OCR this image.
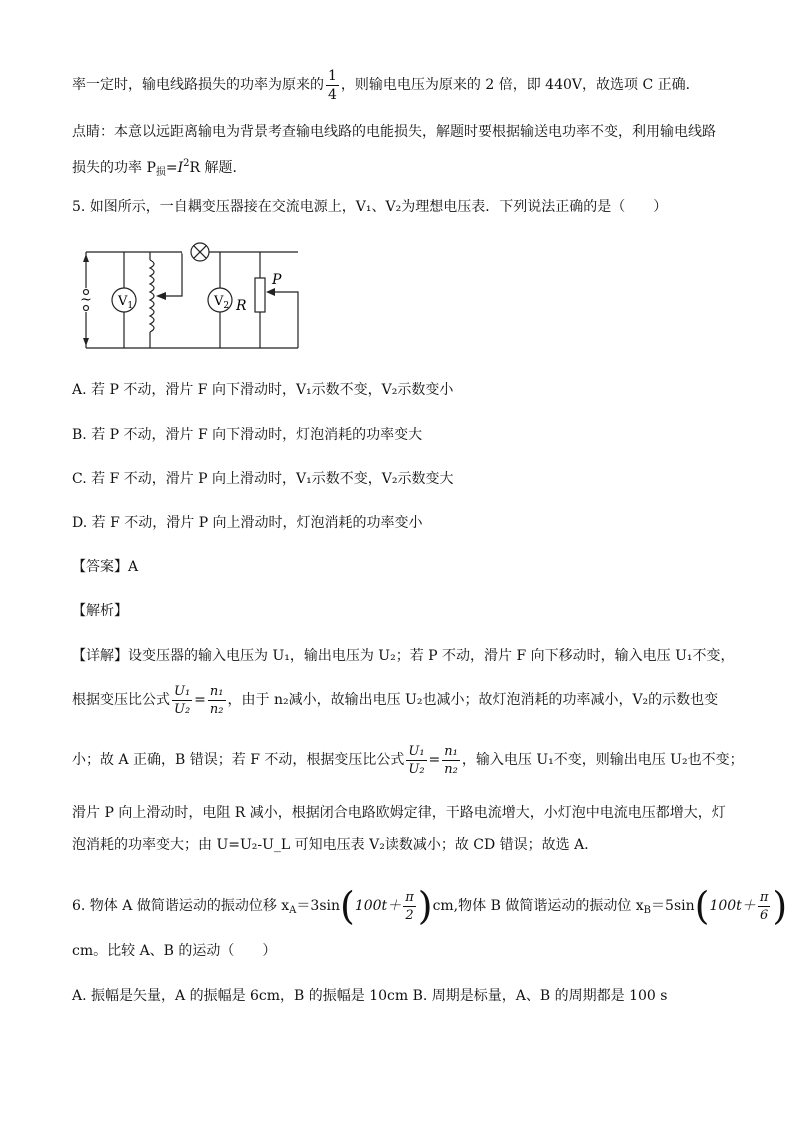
率一定时，输电线路损失的功率为原来的 $\frac{1}{4}$ ，则输电电压为原来的 2 倍，即 440V，故选项 C 正确．
点睛：本意以远距离输电为背景考查输电线路的电能损失，解题时要根据输送电功率不变，利用输电线路
损失的功率 $P_损=I^2R$ 解题．
5. 如图所示，一自耦变压器接在交流电源上，V₁、V₂为理想电压表．下列说法正确的是（　　）
~ $V_1$	$V_2$ R
P
A. 若 P 不动，滑片 F 向下滑动时，V₁示数不变，V₂示数变小
B. 若 P 不动，滑片 F 向下滑动时，灯泡消耗的功率变大
C. 若 F 不动，滑片 P 向上滑动时，V₁示数不变，V₂示数变大
D. 若 F 不动，滑片 P 向上滑动时，灯泡消耗的功率变小
【答案】A
【解析】
【详解】设变压器的输入电压为 U₁，输出电压为 U₂；若 P 不动，滑片 F 向下移动时，输入电压 U₁不变，
根据变压比公式 $\frac{\text{U₁}}{\text{U₂}} = \frac{\text{n₁}}{\text{n₂}}$ ，由于 n₂减小，故输出电压 U₂也减小；故灯泡消耗的功率减小，V₂的示数也变
小；故 A 正确，B 错误；若 F 不动，根据变压比公式 $\frac{\text{U₁}}{\text{U₂}} = \frac{\text{n₁}}{\text{n₂}}$ ，输入电压 U₁不变，则输出电压 U₂也不变；
滑片 P 向上滑动时，电阻 R 减小，根据闭合电路欧姆定律，干路电流增大，小灯泡中电流电压都增大，灯
泡消耗的功率变大；由 U=U₂-U_L 可知电压表 V₂读数减小；故 CD 错误；故选 A．
6. 物体 A 做简谐运动的振动位移 $x_A=3\sin(100t+ \frac{\pi}{2} )cm$,物体 B 做简谐运动的振动位 $x_B=5\sin(100t+ \frac{\pi}{6}$ )
cm。比较 A、B 的运动（　　）
A. 振幅是矢量，A 的振幅是 6cm，B 的振幅是 10cm B. 周期是标量，A、B 的周期都是 100 s
